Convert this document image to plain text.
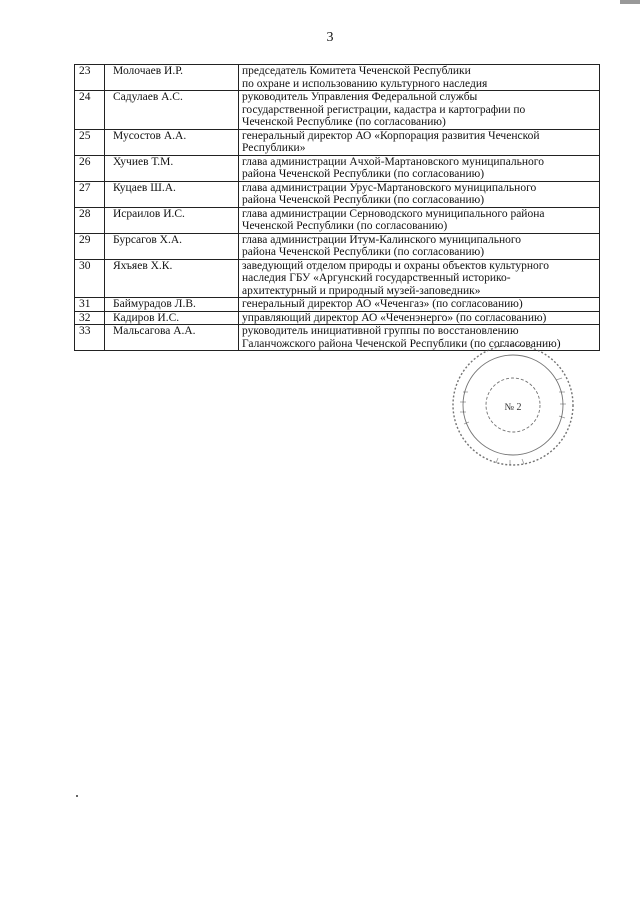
3
23	Молочаев И.Р.	председатель Комитета Чеченской Республики
по охране и использованию культурного наследия

24	Садулаев А.С.	руководитель Управления Федеральной службы
государственной регистрации, кадастра и картографии по
Чеченской Республике (по согласованию)

25	Мусостов А.А.	генеральный директор АО «Корпорация развития Чеченской
Республики»

26	Хучиев Т.М.	глава администрации Ачхой-Мартановского муниципального
района Чеченской Республики (по согласованию)

27	Куцаев Ш.А.	глава администрации Урус-Мартановского муниципального
района Чеченской Республики (по согласованию)

28	Исраилов И.С.	глава администрации Серноводского муниципального района
Чеченской Республики (по согласованию)

29	Бурсагов Х.А.	глава администрации Итум-Калинского муниципального
района Чеченской Республики (по согласованию)

30	Яхъяев Х.К.	заведующий отделом природы и охраны объектов культурного
наследия ГБУ «Аргунский государственный историко-
архитектурный и природный музей-заповедник»

31	Баймурадов Л.В.	генеральный директор АО «Чеченгаз» (по согласованию)

32	Кадиров И.С.	управляющий директор АО «Чеченэнерго» (по согласованию)

33	Мальсагова А.А.	руководитель инициативной группы по восстановлению
Галанчожского района Чеченской Республики (по согласованию)
№ 2
